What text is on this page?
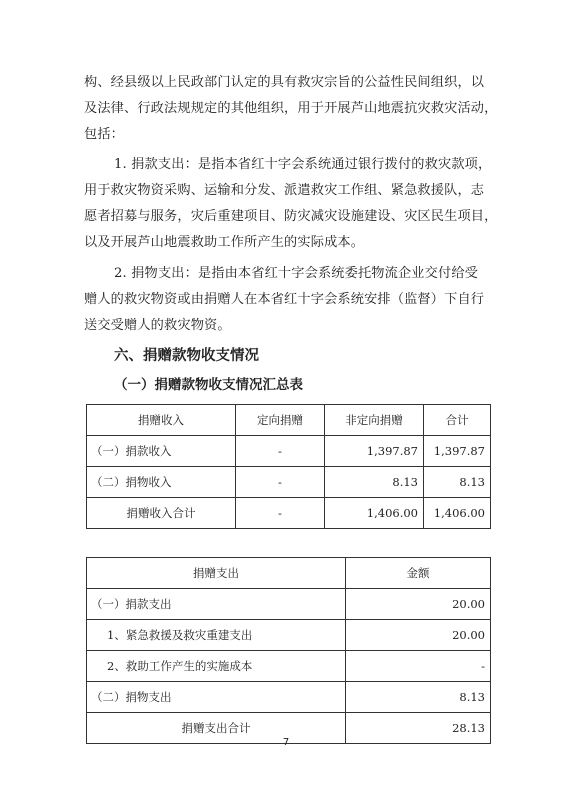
构、经县级以上民政部门认定的具有救灾宗旨的公益性民间组织，以
及法律、行政法规规定的其他组织，用于开展芦山地震抗灾救灾活动，
包括：
1. 捐款支出：是指本省红十字会系统通过银行拨付的救灾款项，
用于救灾物资采购、运输和分发、派遣救灾工作组、紧急救援队，志
愿者招募与服务，灾后重建项目、防灾减灾设施建设、灾区民生项目，
以及开展芦山地震救助工作所产生的实际成本。
2. 捐物支出：是指由本省红十字会系统委托物流企业交付给受
赠人的救灾物资或由捐赠人在本省红十字会系统安排（监督）下自行
送交受赠人的救灾物资。
六、捐赠款物收支情况
（一）捐赠款物收支情况汇总表
捐赠收入	定向捐赠	非定向捐赠	合计
（一）捐款收入	-	1,397.87	1,397.87
（二）捐物收入	-	8.13	8.13
捐赠收入合计	-	1,406.00	1,406.00
捐赠支出	金额
（一）捐款支出	20.00
1、紧急救援及救灾重建支出	20.00
2、救助工作产生的实施成本	-
（二）捐物支出	8.13
捐赠支出合计	28.13
7
